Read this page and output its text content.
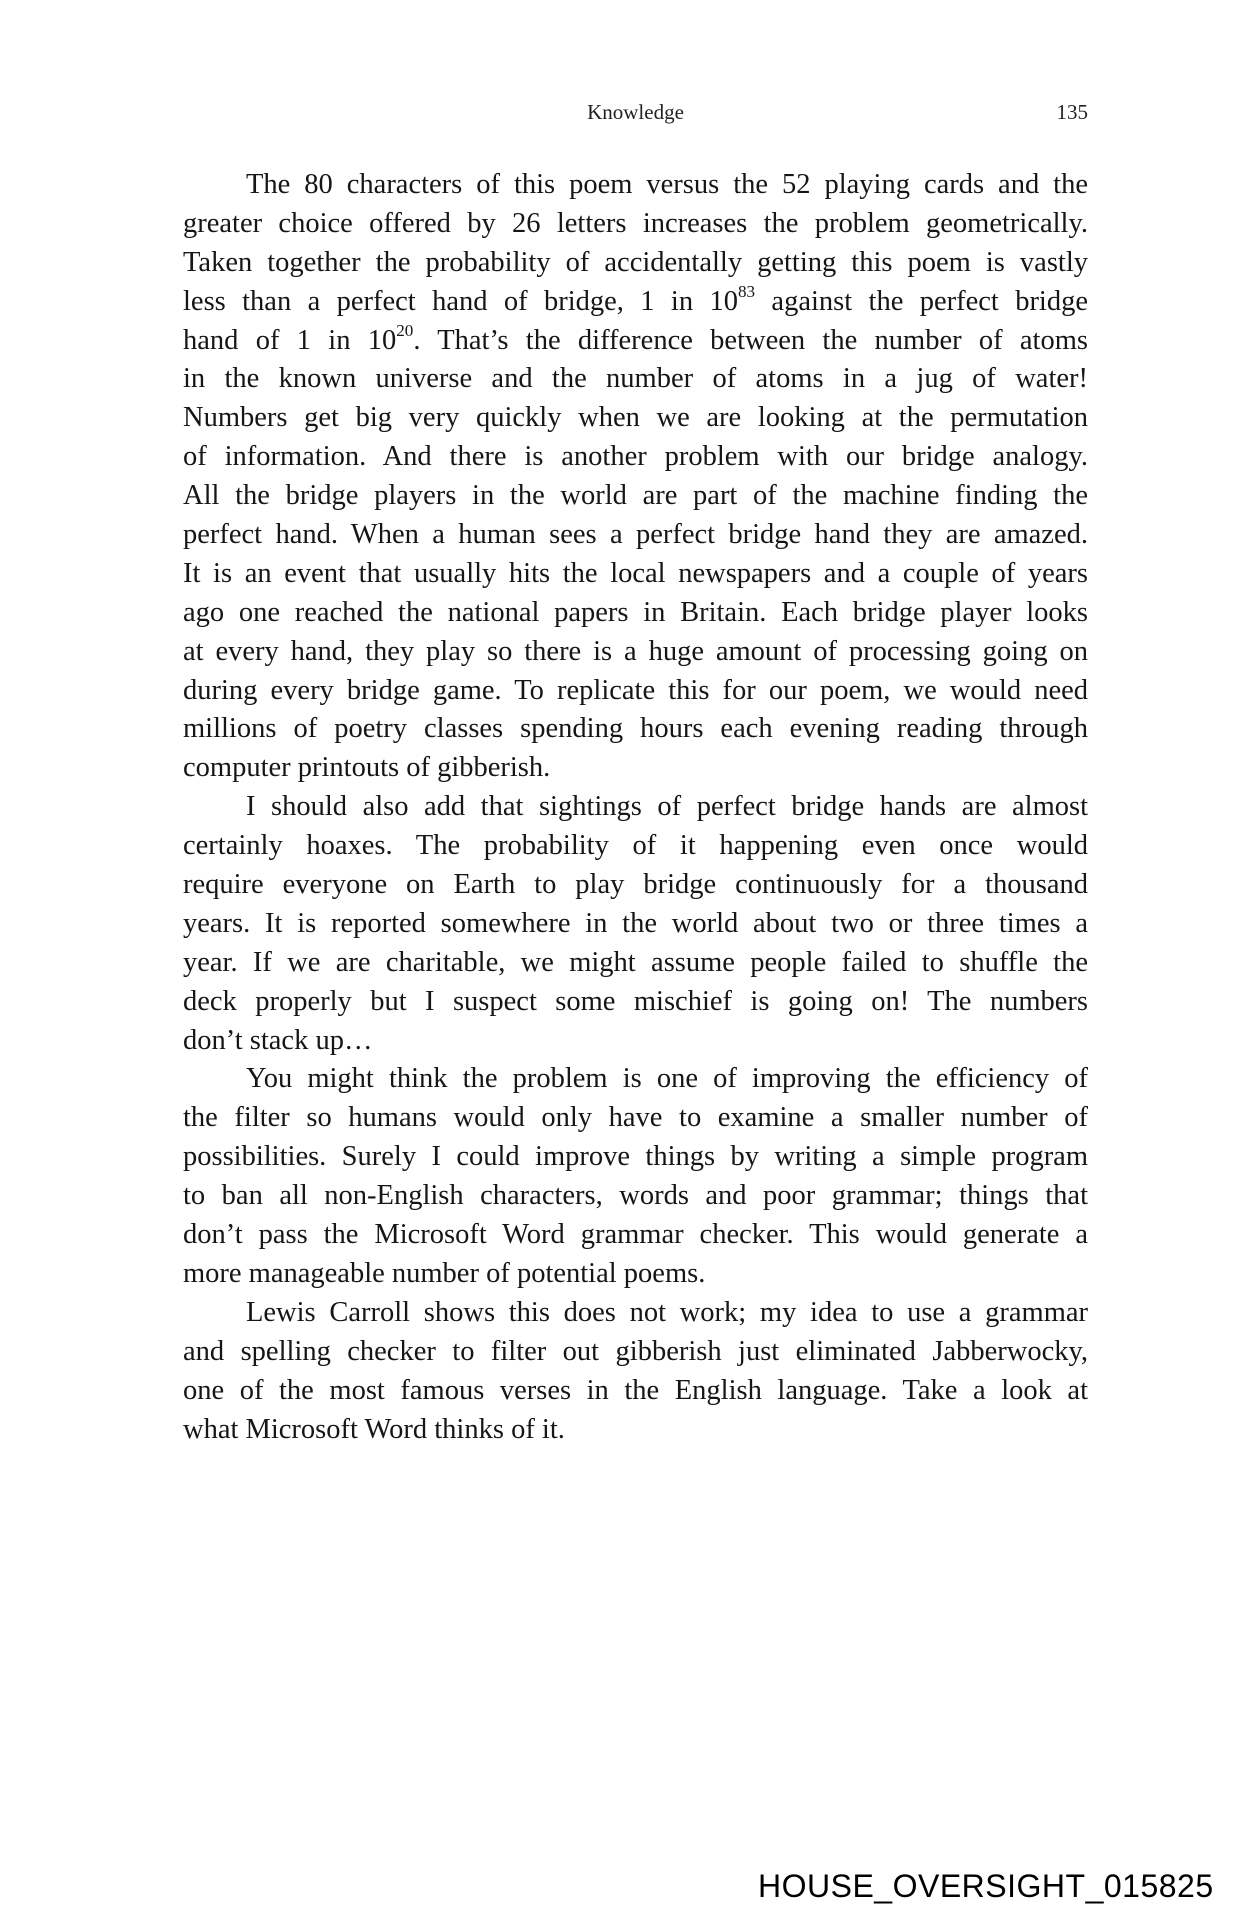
Knowledge	135
The 80 characters of this poem versus the 52 playing cards and the
greater choice offered by 26 letters increases the problem geometrically.
Taken together the probability of accidentally getting this poem is vastly
less than a perfect hand of bridge, 1 in $10^{83}$ against the perfect bridge
hand of 1 in $10^{20}$. That’s the difference between the number of atoms
in the known universe and the number of atoms in a jug of water!
Numbers get big very quickly when we are looking at the permutation
of information. And there is another problem with our bridge analogy.
All the bridge players in the world are part of the machine finding the
perfect hand. When a human sees a perfect bridge hand they are amazed.
It is an event that usually hits the local newspapers and a couple of years
ago one reached the national papers in Britain. Each bridge player looks
at every hand, they play so there is a huge amount of processing going on
during every bridge game. To replicate this for our poem, we would need
millions of poetry classes spending hours each evening reading through
computer printouts of gibberish.
I should also add that sightings of perfect bridge hands are almost
certainly hoaxes. The probability of it happening even once would
require everyone on Earth to play bridge continuously for a thousand
years. It is reported somewhere in the world about two or three times a
year. If we are charitable, we might assume people failed to shuffle the
deck properly but I suspect some mischief is going on! The numbers
don’t stack up…
You might think the problem is one of improving the efficiency of
the filter so humans would only have to examine a smaller number of
possibilities. Surely I could improve things by writing a simple program
to ban all non-English characters, words and poor grammar; things that
don’t pass the Microsoft Word grammar checker. This would generate a
more manageable number of potential poems.
Lewis Carroll shows this does not work; my idea to use a grammar
and spelling checker to filter out gibberish just eliminated Jabberwocky,
one of the most famous verses in the English language. Take a look at
what Microsoft Word thinks of it.
HOUSE_OVERSIGHT_015825
